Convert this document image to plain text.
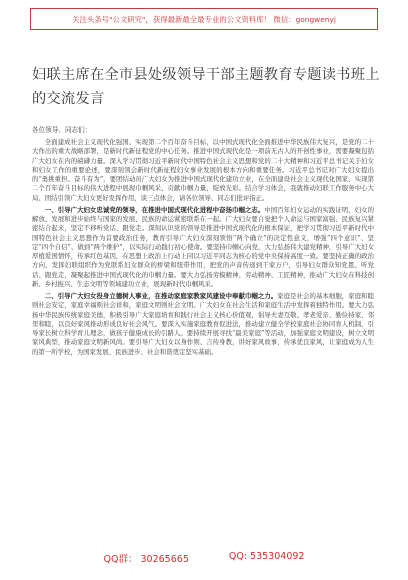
关注头条号"公文研究"，获得最新最全最专业的公文资料库！ 微信：gongwenyj
妇联主席在全市县处级领导干部主题教育专题读书班上的交流发言
各位领导、同志们：

全面建成社会主义现代化强国、实现第二个百年奋斗目标，以中国式现代化全面推进中华民族伟大复兴，是党的二十大作出的重大战略部署，是新时代新征程党的中心任务。推进中国式现代化是一项前无古人的开创性事业，需要凝聚包括广大妇女在内的磅礴力量。深入学习贯彻习近平新时代中国特色社会主义思想和党的二十大精神和习近平总书记关于妇女和妇女工作的重要论述，要深刻领会新时代新征程妇女事业发展的根本方向和重要任务。习近平总书记对广大妇女提出的“勇挑重担、奋斗有为”，要团结动员广大妇女为推进中国式现代化建功立业，在全面建设社会主义现代化国家、实现第二个百年奋斗目标的伟大进程中展现巾帼风采、贡献巾帼力量，绽放光彩。结合学习体会，我就推动妇联工作服务中心大局、团结引领广大妇女更好发挥作用，谈三点体会，请各位领导、同志们批评指正。

一、引导广大妇女忠诚党的领导，在推进中国式现代化进程中奋扬巾帼之志。中国百年妇女运动的实践证明，妇女的解放、发展和进步始终与国家的发展、民族的命运紧密联系在一起。广大妇女要自觉把个人命运与国家富强、民族复兴紧密结合起来，坚定不移听党话、跟党走。深刻认识党的领导是推进中国式现代化的根本保证，把学习贯彻习近平新时代中国特色社会主义思想作为首要政治任务，教育引导广大妇女深刻领悟“两个确立”的决定性意义，增强“四个意识”、坚定“四个自信”、做到“两个维护”，以实际行动践行初心使命。要坚持巾帼心向党，大力弘扬伟大建党精神，引导广大妇女厚植爱国情怀，传承红色基因，在思想上政治上行动上同以习近平同志为核心的党中央保持高度一致。要坚持正确的政治方向，发挥妇联组织作为党联系妇女群众的桥梁和纽带作用，把党的声音传递到千家万户，引导妇女群众知党恩、听党话、跟党走，凝聚起推进中国式现代化的巾帼力量。要大力弘扬劳模精神、劳动精神、工匠精神，推动广大妇女在科技创新、乡村振兴、生态文明等领域建功立业，展现新时代巾帼风采。

二、引导广大妇女投身立德树人事业，在推动家庭家教家风建设中奉献巾帼之力。家庭是社会的基本细胞，家庭和睦则社会安定，家庭幸福则社会祥和，家庭文明则社会文明。广大妇女在社会生活和家庭生活中发挥着独特作用。要大力弘扬中华民族传统家庭美德，积极引导广大家庭培育和践行社会主义核心价值观，倡导夫妻互敬、孝老爱亲、勤俭持家、邻里和睦，以良好家风推动形成良好社会风气。要深入实施家庭教育促进法，推动建立健全学校家庭社会协同育人机制，引导家长树立科学育儿理念，做孩子健康成长的引路人。要持续开展寻找“最美家庭”等活动，加强家庭文明建设，树立文明家风典型，推动家庭文明新风尚。要引导广大妇女以身作则、言传身教，讲好家风故事，传承优良家风，让家庭成为人生的第一所学校，为国家发展、民族进步、社会和谐奠定坚实基础。

QQ群： 30265665	QQ: 535304092
